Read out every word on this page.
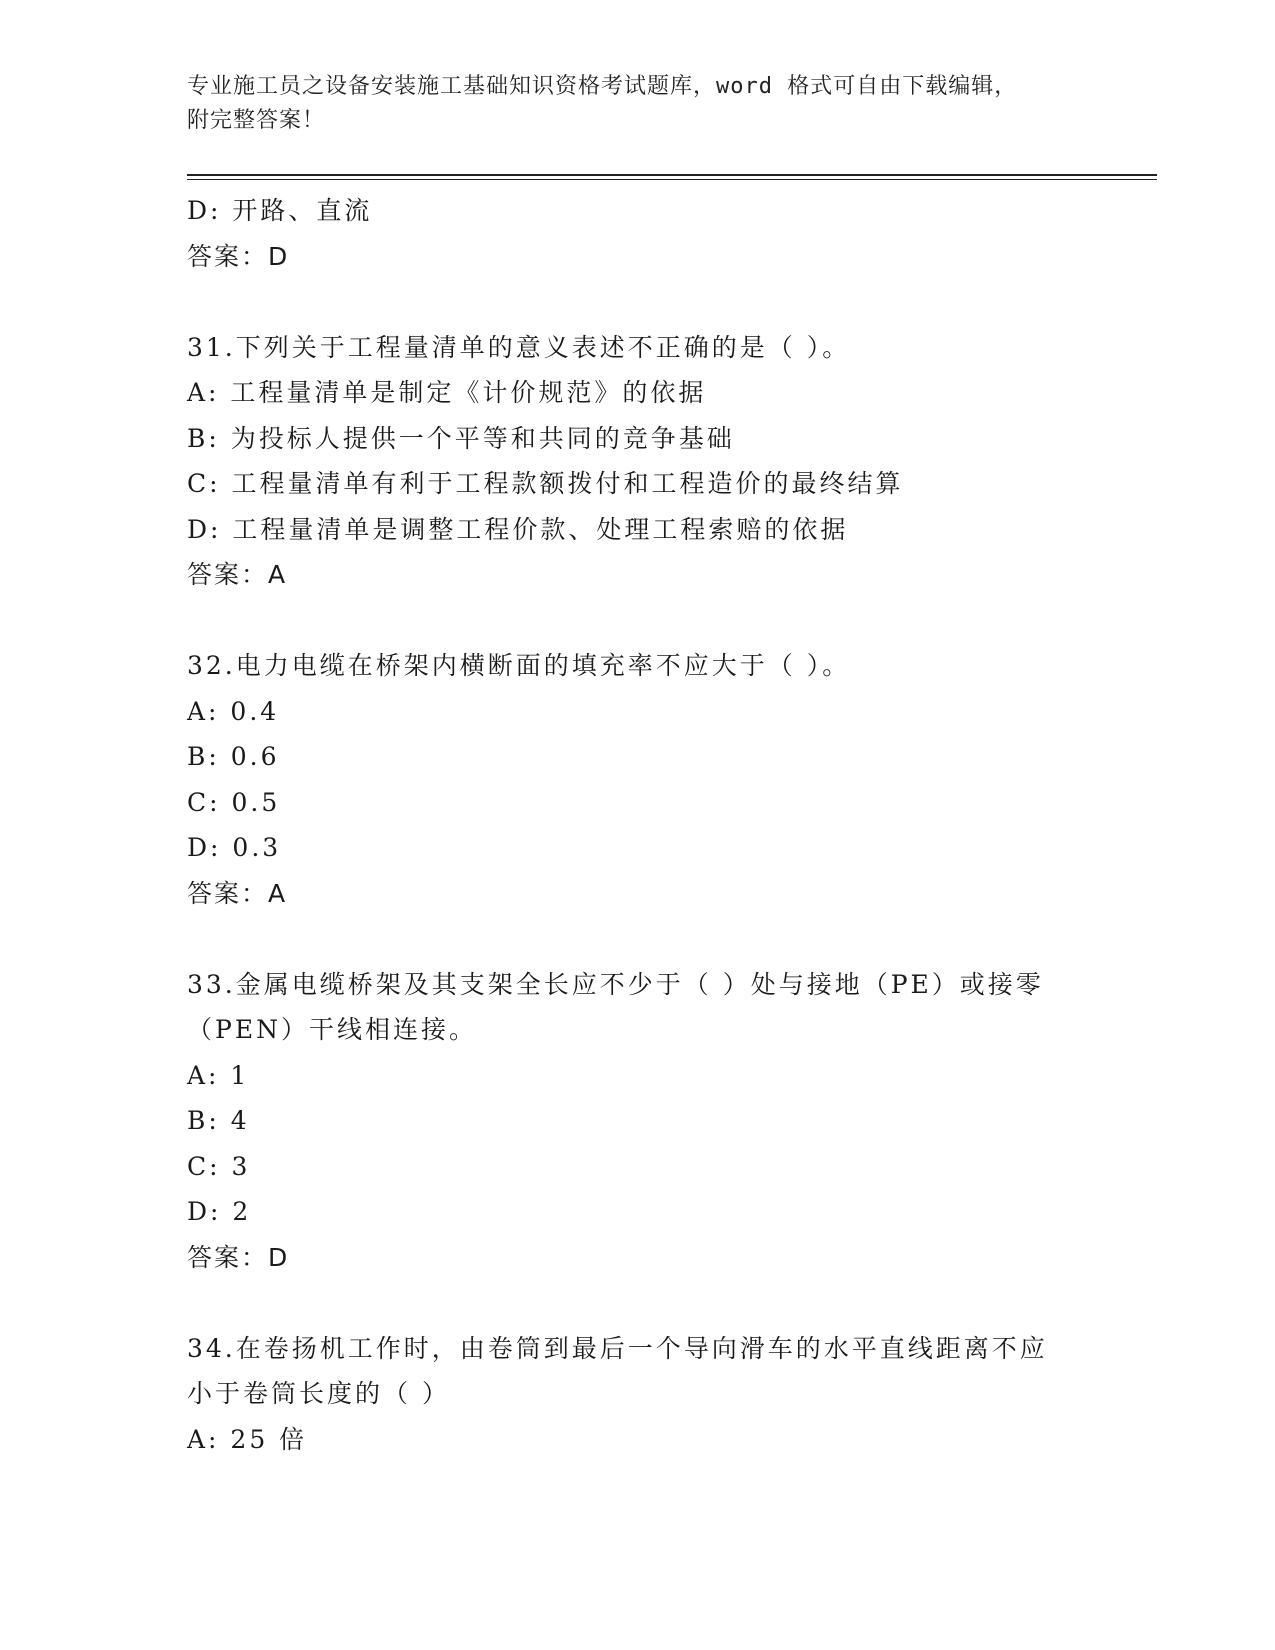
专业施工员之设备安装施工基础知识资格考试题库，word 格式可自由下载编辑，
附完整答案！
D: 开路、直流
答案：D
31.下列关于工程量清单的意义表述不正确的是（ ）。
A: 工程量清单是制定《计价规范》的依据
B: 为投标人提供一个平等和共同的竞争基础
C: 工程量清单有利于工程款额拨付和工程造价的最终结算
D: 工程量清单是调整工程价款、处理工程索赔的依据
答案：A
32.电力电缆在桥架内横断面的填充率不应大于（ ）。
A: 0.4
B: 0.6
C: 0.5
D: 0.3
答案：A
33.金属电缆桥架及其支架全长应不少于（ ）处与接地（PE）或接零
（PEN）干线相连接。
A: 1
B: 4
C: 3
D: 2
答案：D
34.在卷扬机工作时，由卷筒到最后一个导向滑车的水平直线距离不应
小于卷筒长度的（ ）
A: 25 倍
